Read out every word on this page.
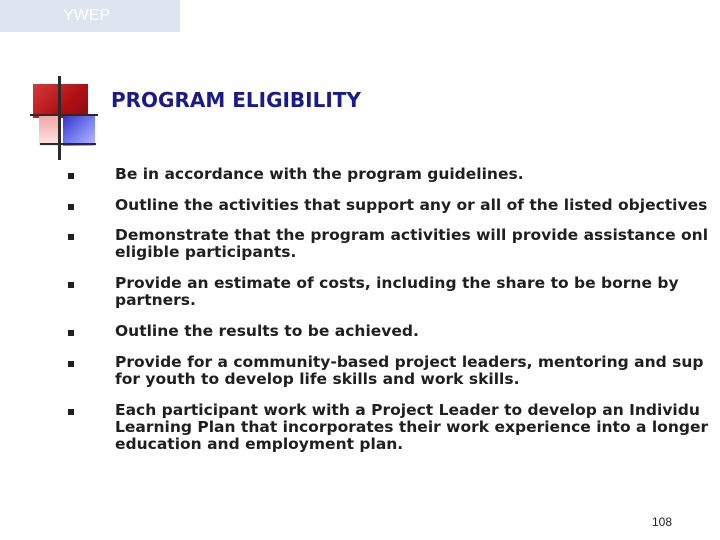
YWEP
PROGRAM ELIGIBILITY
Be in accordance with the program guidelines.
Outline the activities that support any or all of the listed objectives
Demonstrate that the program activities will provide assistance onl
eligible participants.
Provide an estimate of costs, including the share to be borne by
partners.
Outline the results to be achieved.
Provide for a community-based project leaders, mentoring and sup
for youth to develop life skills and work skills.
Each participant work with a Project Leader to develop an Individu
Learning Plan that incorporates their work experience into a longer
education and employment plan.
108
